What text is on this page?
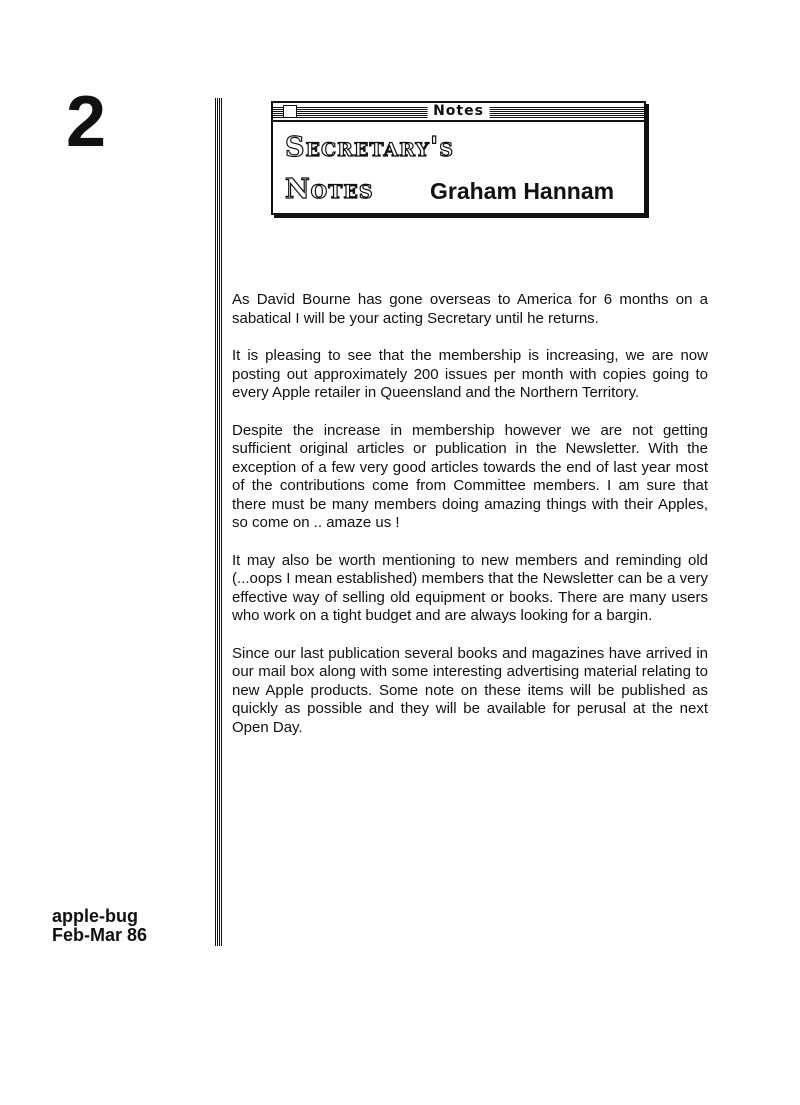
2
apple-bug
Feb-Mar 86
Notes
Secretary's
Notes Graham Hannam

As David Bourne has gone overseas to America for 6 months on a sabatical I will be your acting Secretary until he returns.

It is pleasing to see that the membership is increasing, we are now posting out approximately 200 issues per month with copies going to every Apple retailer in Queensland and the Northern Territory.

Despite the increase in membership however we are not getting sufficient original articles or publication in the Newsletter. With the exception of a few very good articles towards the end of last year most of the contributions come from Committee members. I am sure that there must be many members doing amazing things with their Apples, so come on .. amaze us !

It may also be worth mentioning to new members and reminding old (...oops I mean established) members that the Newsletter can be a very effective way of selling old equipment or books. There are many users who work on a tight budget and are always looking for a bargin.

Since our last publication several books and magazines have arrived in our mail box along with some interesting advertising material relating to new Apple products. Some note on these items will be published as quickly as possible and they will be available for perusal at the next Open Day.
